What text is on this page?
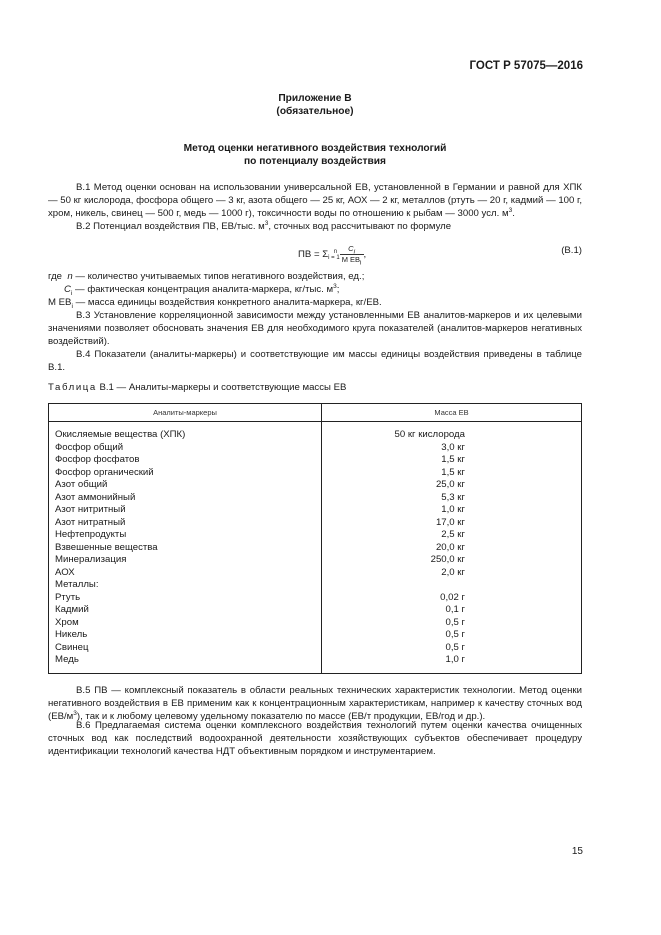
ГОСТ Р 57075—2016
Приложение В
(обязательное)
Метод оценки негативного воздействия технологий
по потенциалу воздействия

В.1 Метод оценки основан на использовании универсальной ЕВ, установленной в Германии и равной для ХПК — 50 кг кислорода, фосфора общего — 3 кг, азота общего — 25 кг, АОХ — 2 кг, металлов (ртуть — 20 г, кадмий — 100 г, хром, никель, свинец — 500 г, медь — 1000 г), токсичности воды по отношению к рыбам — 3000 усл. $м^3$.

В.2 Потенциал воздействия ПВ, ЕВ/тыс. $м^3$, сточных вод рассчитывают по формуле

ПВ = $\Sigma_{i = 1}^n \frac{C_i}{M EB_i}$ ,	(В.1)
где  n — количество учитываемых типов негативного воздействия, ед.;
$C_i$ — фактическая концентрация аналита-маркера, кг/тыс. $м^3$;
М $ЕВ_i$ — масса единицы воздействия конкретного аналита-маркера, кг/ЕВ.

В.3 Установление корреляционной зависимости между установленными ЕВ аналитов-маркеров и их целевыми значениями позволяет обосновать значения ЕВ для необходимого круга показателей (аналитов-маркеров негативных воздействий).

В.4 Показатели (аналиты-маркеры) и соответствующие им массы единицы воздействия приведены в таблице В.1.

Таблица В.1 — Аналиты-маркеры и соответствующие массы ЕВ
Аналиты-маркеры	Масса ЕВ
Окисляемые вещества (ХПК)	50 кг кислорода
Фосфор общий	3,0 кг
Фосфор фосфатов	1,5 кг
Фосфор органический	1,5 кг
Азот общий	25,0 кг
Азот аммонийный	5,3 кг
Азот нитритный	1,0 кг
Азот нитратный	17,0 кг
Нефтепродукты	2,5 кг
Взвешенные вещества	20,0 кг
Минерализация	250,0 кг
АОХ	2,0 кг
Металлы:	
Ртуть	0,02 г
Кадмий	0,1 г
Хром	0,5 г
Никель	0,5 г
Свинец	0,5 г
Медь	1,0 г

В.5 ПВ — комплексный показатель в области реальных технических характеристик технологии. Метод оценки негативного воздействия в ЕВ применим как к концентрационным характеристикам, например к качеству сточных вод $(ЕВ/м^3)$, так и к любому целевому удельному показателю по массе (ЕВ/т продукции, ЕВ/год и др.).

В.6 Предлагаемая система оценки комплексного воздействия технологий путем оценки качества очищенных сточных вод как последствий водоохранной деятельности хозяйствующих субъектов обеспечивает процедуру идентификации технологий качества НДТ объективным порядком и инструментарием.

15
